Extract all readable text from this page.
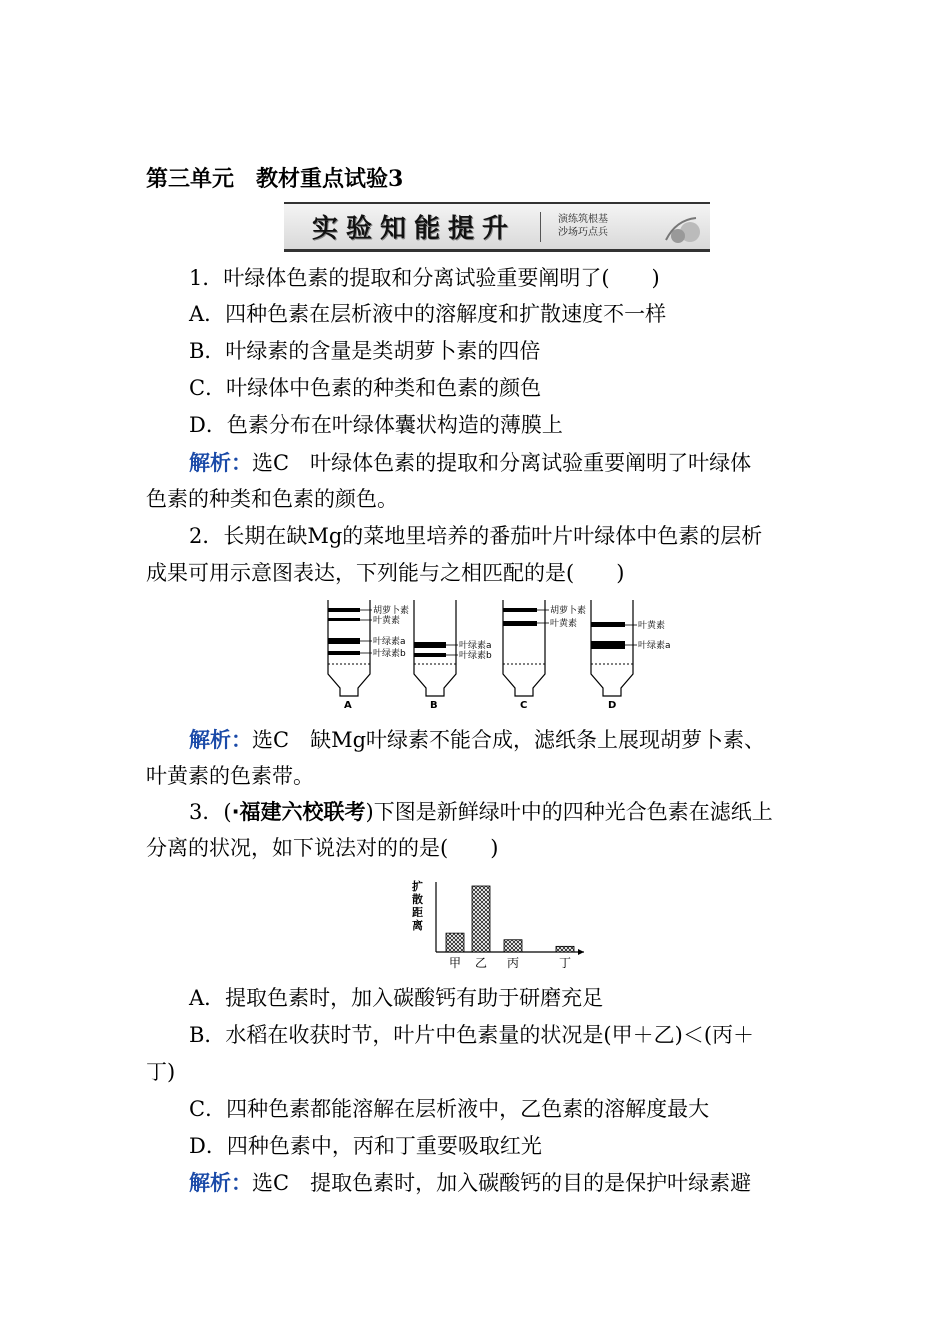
第三单元　教材重点试验3
实验知能提升	演练筑根基
沙场巧点兵
1．叶绿体色素的提取和分离试验重要阐明了(　　)
A．四种色素在层析液中的溶解度和扩散速度不一样
B．叶绿素的含量是类胡萝卜素的四倍
C．叶绿体中色素的种类和色素的颜色
D．色素分布在叶绿体囊状构造的薄膜上
解析：选C　叶绿体色素的提取和分离试验重要阐明了叶绿体
色素的种类和色素的颜色。
2．长期在缺Mg的菜地里培养的番茄叶片叶绿体中色素的层析
成果可用示意图表达，下列能与之相匹配的是(　　)
胡萝卜素
叶黄素
叶绿素a
叶绿素b
A
叶绿素a
叶绿素b
B
胡萝卜素
叶黄素
C
叶黄素
叶绿素a
D
解析：选C　缺Mg叶绿素不能合成，滤纸条上展现胡萝卜素、
叶黄素的色素带。
3．(·福建六校联考)下图是新鲜绿叶中的四种光合色素在滤纸上
分离的状况，如下说法对的的是(　　)
扩
散
距
离
甲 乙 丙	丁
A．提取色素时，加入碳酸钙有助于研磨充足
B．水稻在收获时节，叶片中色素量的状况是(甲＋乙)＜(丙＋
丁)
C．四种色素都能溶解在层析液中，乙色素的溶解度最大
D．四种色素中，丙和丁重要吸取红光
解析：选C　提取色素时，加入碳酸钙的目的是保护叶绿素避
